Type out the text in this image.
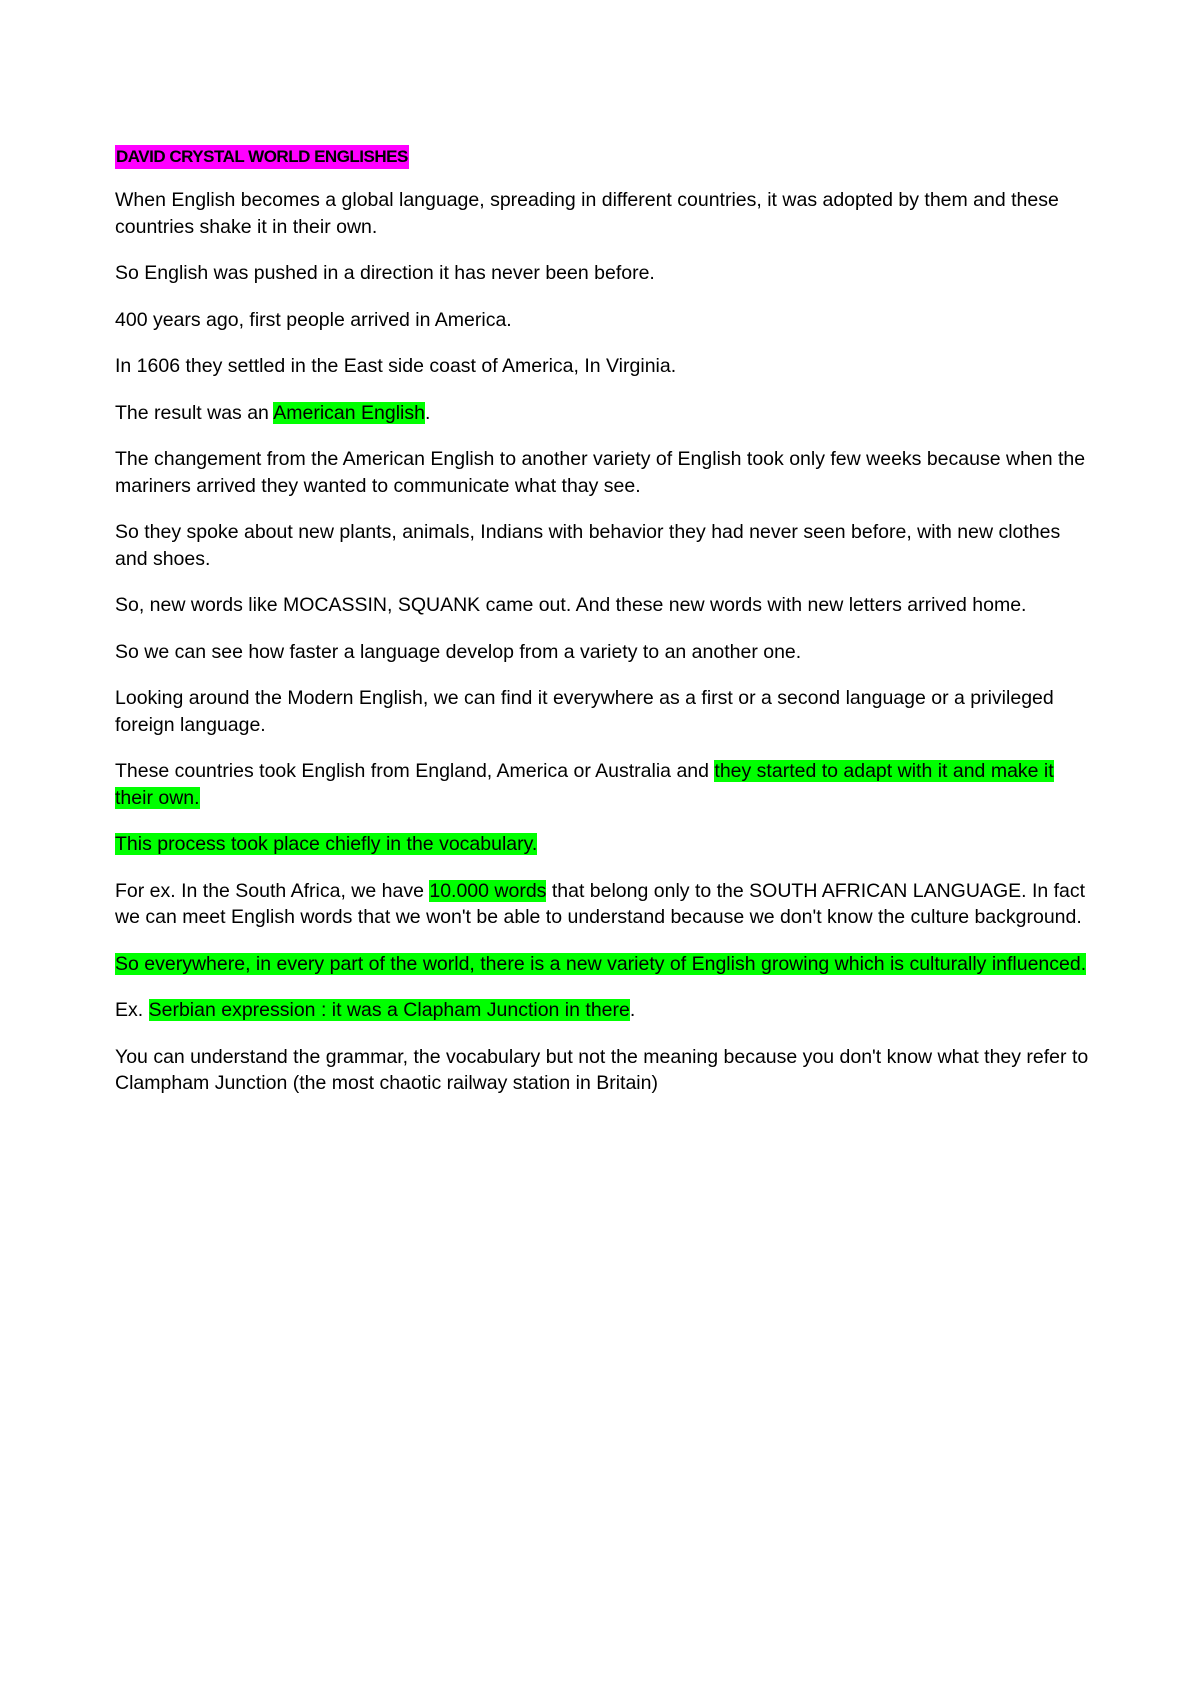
DAVID CRYSTAL WORLD ENGLISHES

When English becomes a global language, spreading in different countries, it was adopted by them and these countries shake it in their own.

So English was pushed in a direction it has never been before.

400 years ago, first people arrived in America.

In 1606 they settled in the East side coast of America, In Virginia.

The result was an American English.

The changement from the American English to another variety of English took only few weeks because when the mariners arrived they wanted to communicate what thay see.

So they spoke about new plants, animals, Indians with behavior they had never seen before, with new clothes and shoes.

So, new words like MOCASSIN, SQUANK came out. And these new words with new letters arrived home.

So we can see how faster a language develop from a variety to an another one.

Looking around the Modern English, we can find it everywhere as a first or a second language or a privileged foreign language.

These countries took English from England, America or Australia and they started to adapt with it and make it their own.

This process took place chiefly in the vocabulary.

For ex. In the South Africa, we have 10.000 words that belong only to the SOUTH AFRICAN LANGUAGE. In fact we can meet English words that we won't be able to understand because we don't know the culture background.

So everywhere, in every part of the world, there is a new variety of English growing which is culturally influenced.

Ex. Serbian expression : it was a Clapham Junction in there.

You can understand the grammar, the vocabulary but not the meaning because you don't know what they refer to Clampham Junction (the most chaotic railway station in Britain)
